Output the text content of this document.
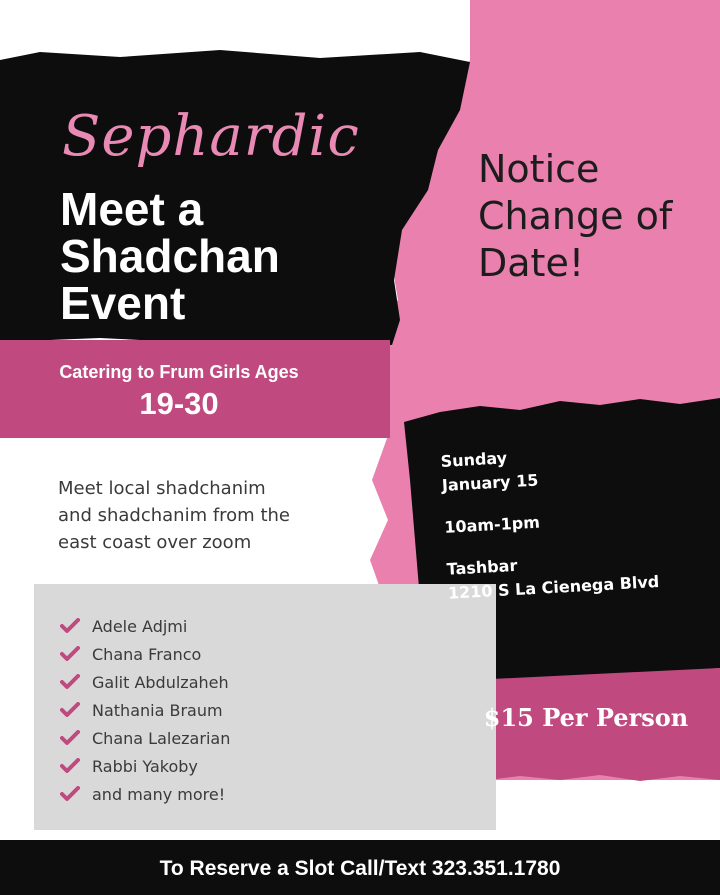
Sephardic
Meet a
Shadchan
Event
Notice
Change of
Date!
Catering to Frum Girls Ages
19-30
Meet local shadchanim
and shadchanim from the
east coast over zoom
Sunday
January 15
10am-1pm
Tashbar
1210 S La Cienega Blvd
$15 Per Person
Adele Adjmi
Chana Franco
Galit Abdulzaheh
Nathania Braum
Chana Lalezarian
Rabbi Yakoby
and many more!
To Reserve a Slot Call/Text 323.351.1780
